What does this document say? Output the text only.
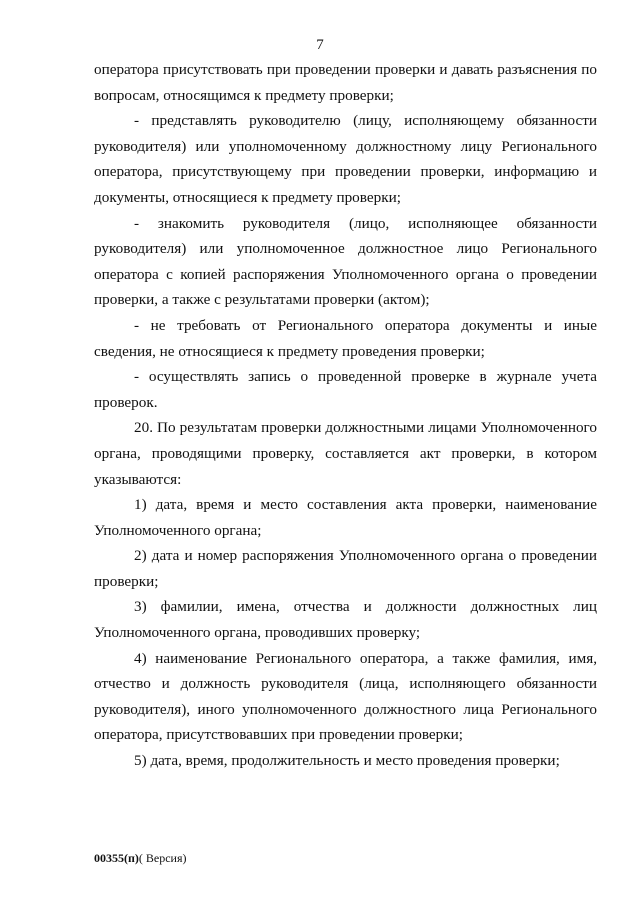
7

оператора присутствовать при проведении проверки и давать разъяснения по вопросам, относящимся к предмету проверки;

- представлять руководителю (лицу, исполняющему обязанности руководителя) или уполномоченному должностному лицу Регионального оператора, присутствующему при проведении проверки, информацию и документы, относящиеся к предмету проверки;

- знакомить руководителя (лицо, исполняющее обязанности руководителя) или уполномоченное должностное лицо Регионального оператора с копией распоряжения Уполномоченного органа о проведении проверки, а также с результатами проверки (актом);

- не требовать от Регионального оператора документы и иные сведения, не относящиеся к предмету проведения проверки;

- осуществлять запись о проведенной проверке в журнале учета проверок.

20. По результатам проверки должностными лицами Уполномоченного органа, проводящими проверку, составляется акт проверки, в котором указываются:

1) дата, время и место составления акта проверки, наименование Уполномоченного органа;

2) дата и номер распоряжения Уполномоченного органа о проведении проверки;

3) фамилии, имена, отчества и должности должностных лиц Уполномоченного органа, проводивших проверку;

4) наименование Регионального оператора, а также фамилия, имя, отчество и должность руководителя (лица, исполняющего обязанности руководителя), иного уполномоченного должностного лица Регионального оператора, присутствовавших при проведении проверки;

5) дата, время, продолжительность и место проведения проверки;

00355(п)( Версия)
